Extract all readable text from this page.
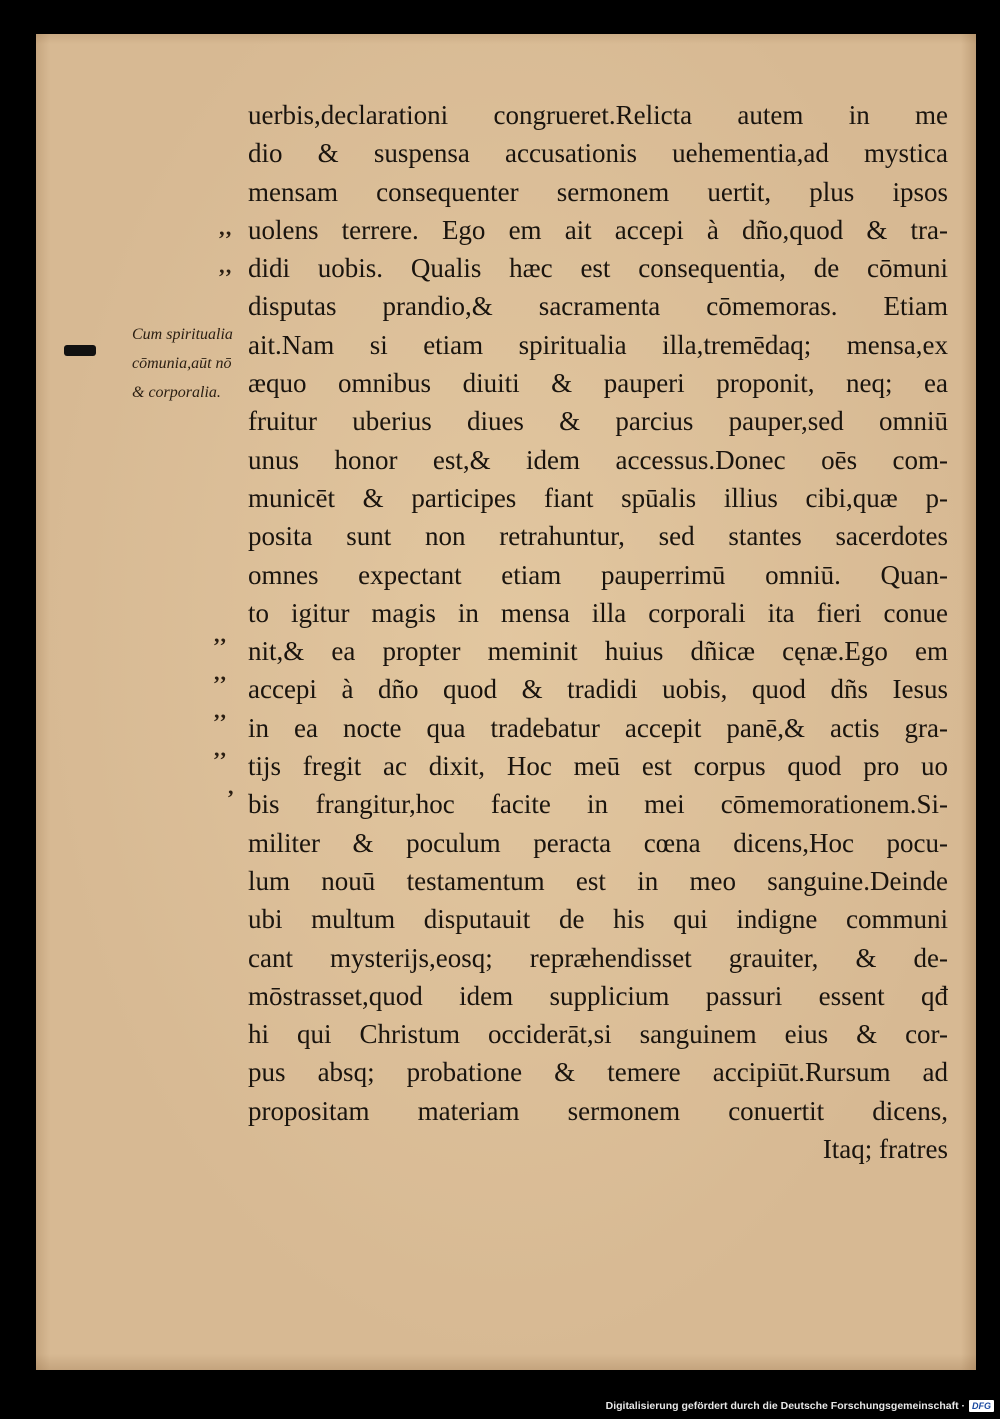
Cum spiritualia
cōmunia,aūt nō
& corporalia.
’’
’’
,,
,,
,,
,,
,
uerbis,declarationi congrueret.Relicta autem in me
dio & suspensa accusationis uehementia,ad mystica
mensam consequenter sermonem uertit, plus ipsos
uolens terrere. Ego em ait accepi à dño,quod & tra-
didi uobis. Qualis hæc est consequentia, de cōmuni
disputas prandio,& sacramenta cōmemoras. Etiam
ait.Nam si etiam spiritualia illa,tremēdaq; mensa,ex
æquo omnibus diuiti & pauperi proponit, neq; ea
fruitur uberius diues & parcius pauper,sed omniū
unus honor est,& idem accessus.Donec oēs com-
municēt & participes fiant spūalis illius cibi,quæ p-
posita sunt non retrahuntur, sed stantes sacerdotes
omnes expectant etiam pauperrimū omniū. Quan-
to igitur magis in mensa illa corporali ita fieri conue
nit,& ea propter meminit huius dñicæ cęnæ.Ego em
accepi à dño quod & tradidi uobis, quod dñs Iesus
in ea nocte qua tradebatur accepit panē,& actis gra-
tijs fregit ac dixit, Hoc meū est corpus quod pro uo
bis frangitur,hoc facite in mei cōmemorationem.Si-
militer & poculum peracta cœna dicens,Hoc pocu-
lum nouū testamentum est in meo sanguine.Deinde
ubi multum disputauit de his qui indigne communi
cant mysterijs,eosq; repræhendisset grauiter, & de-
mōstrasset,quod idem supplicium passuri essent qđ
hi qui Christum occiderāt,si sanguinem eius & cor-
pus absq; probatione & temere accipiūt.Rursum ad
propositam materiam sermonem conuertit dicens,
Itaq; fratres
Digitalisierung gefördert durch die Deutsche Forschungsgemeinschaft · DFG
